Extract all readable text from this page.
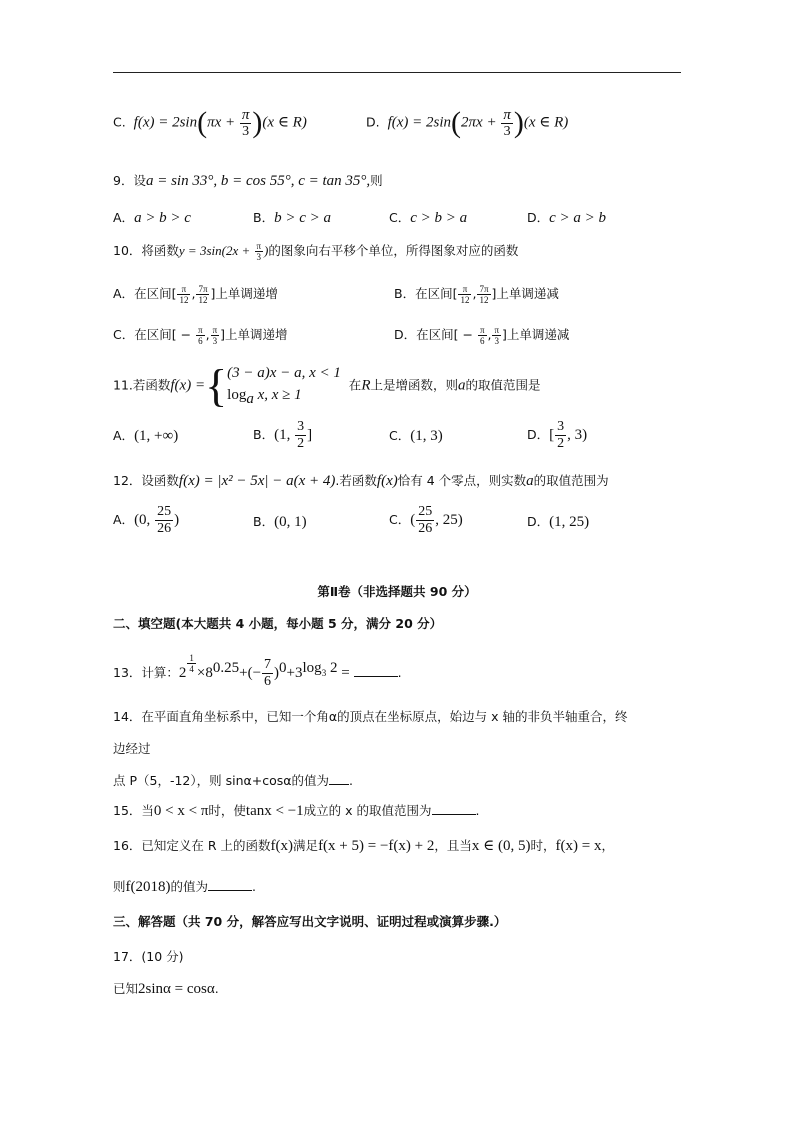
C. $f(x) = 2\sin(\pi x + \frac{\pi}{3} )(x$ ∈ R)	D. $f(x) = 2\sin(2\pi x + \frac{\pi}{3} )(x$ ∈ R)
9．设a = sin 33°, b = cos 55°, c = tan 35°,则
A．a > b > c	B．b > c > a	C．c > b > a	D．c > a > b
10．将函数$y = 3\sin(2x + \frac{\pi}{3}$ )的图象向右平移个单位，所得图象对应的函数
A．在区间[ $\frac{\pi}{12}$ , $\frac{7\pi}{12}$ ]上单调递增	B．在区间[ $\frac{\pi}{12}$ , $\frac{7\pi}{12}$ ]上单调递减
C．在区间[ − $\frac{\pi}{6}$ , $\frac{\pi}{3}$ ]上单调递增	D．在区间[ − $\frac{\pi}{6}$ , $\frac{\pi}{3}$ ]上单调递减
11.若函数f(x) ={(3 − a)x − a, x < 1
$\log_a x$, x ≥ 1  在R上是增函数，则a的取值范围是
A．(1, +∞)	B．(1, $\frac{3}{2}$ ]	C．(1, 3)	D．[ $\frac{3}{2}$ , 3)
12．设函数f(x) = |x² − 5x| − a(x + 4).若函数f(x)恰有 4 个零点，则实数a的取值范围为
A．(0, $\frac{25}{26}$ )	B．(0, 1)	C．( $\frac{25}{26}$ , 25)	D．(1, 25)
第Ⅱ卷（非选择题共 90 分）
二、填空题(本大题共 4 小题，每小题 5 分，满分 20 分）
13．计算：2 $^{\frac{1}{4}} \times 8^{0.25}+(- \frac{7}{6} )^0+3^{log_3 2}$ =	.
14．在平面直角坐标系中，已知一个角α的顶点在坐标原点，始边与 x 轴的非负半轴重合，终
边经过
点 P（5，-12），则 sinα+cosα的值为 .
15．当0 < x < π时，使tanx < −1成立的 x 的取值范围为	.
16．已知定义在 R 上的函数f(x)满足f(x + 5) = −f(x) + 2，且当x ∈ (0, 5)时，f(x) = x，
则f(2018)的值为	.
三、解答题（共 70 分，解答应写出文字说明、证明过程或演算步骤.）
17．(10 分)
已知2sinα = cosα.
